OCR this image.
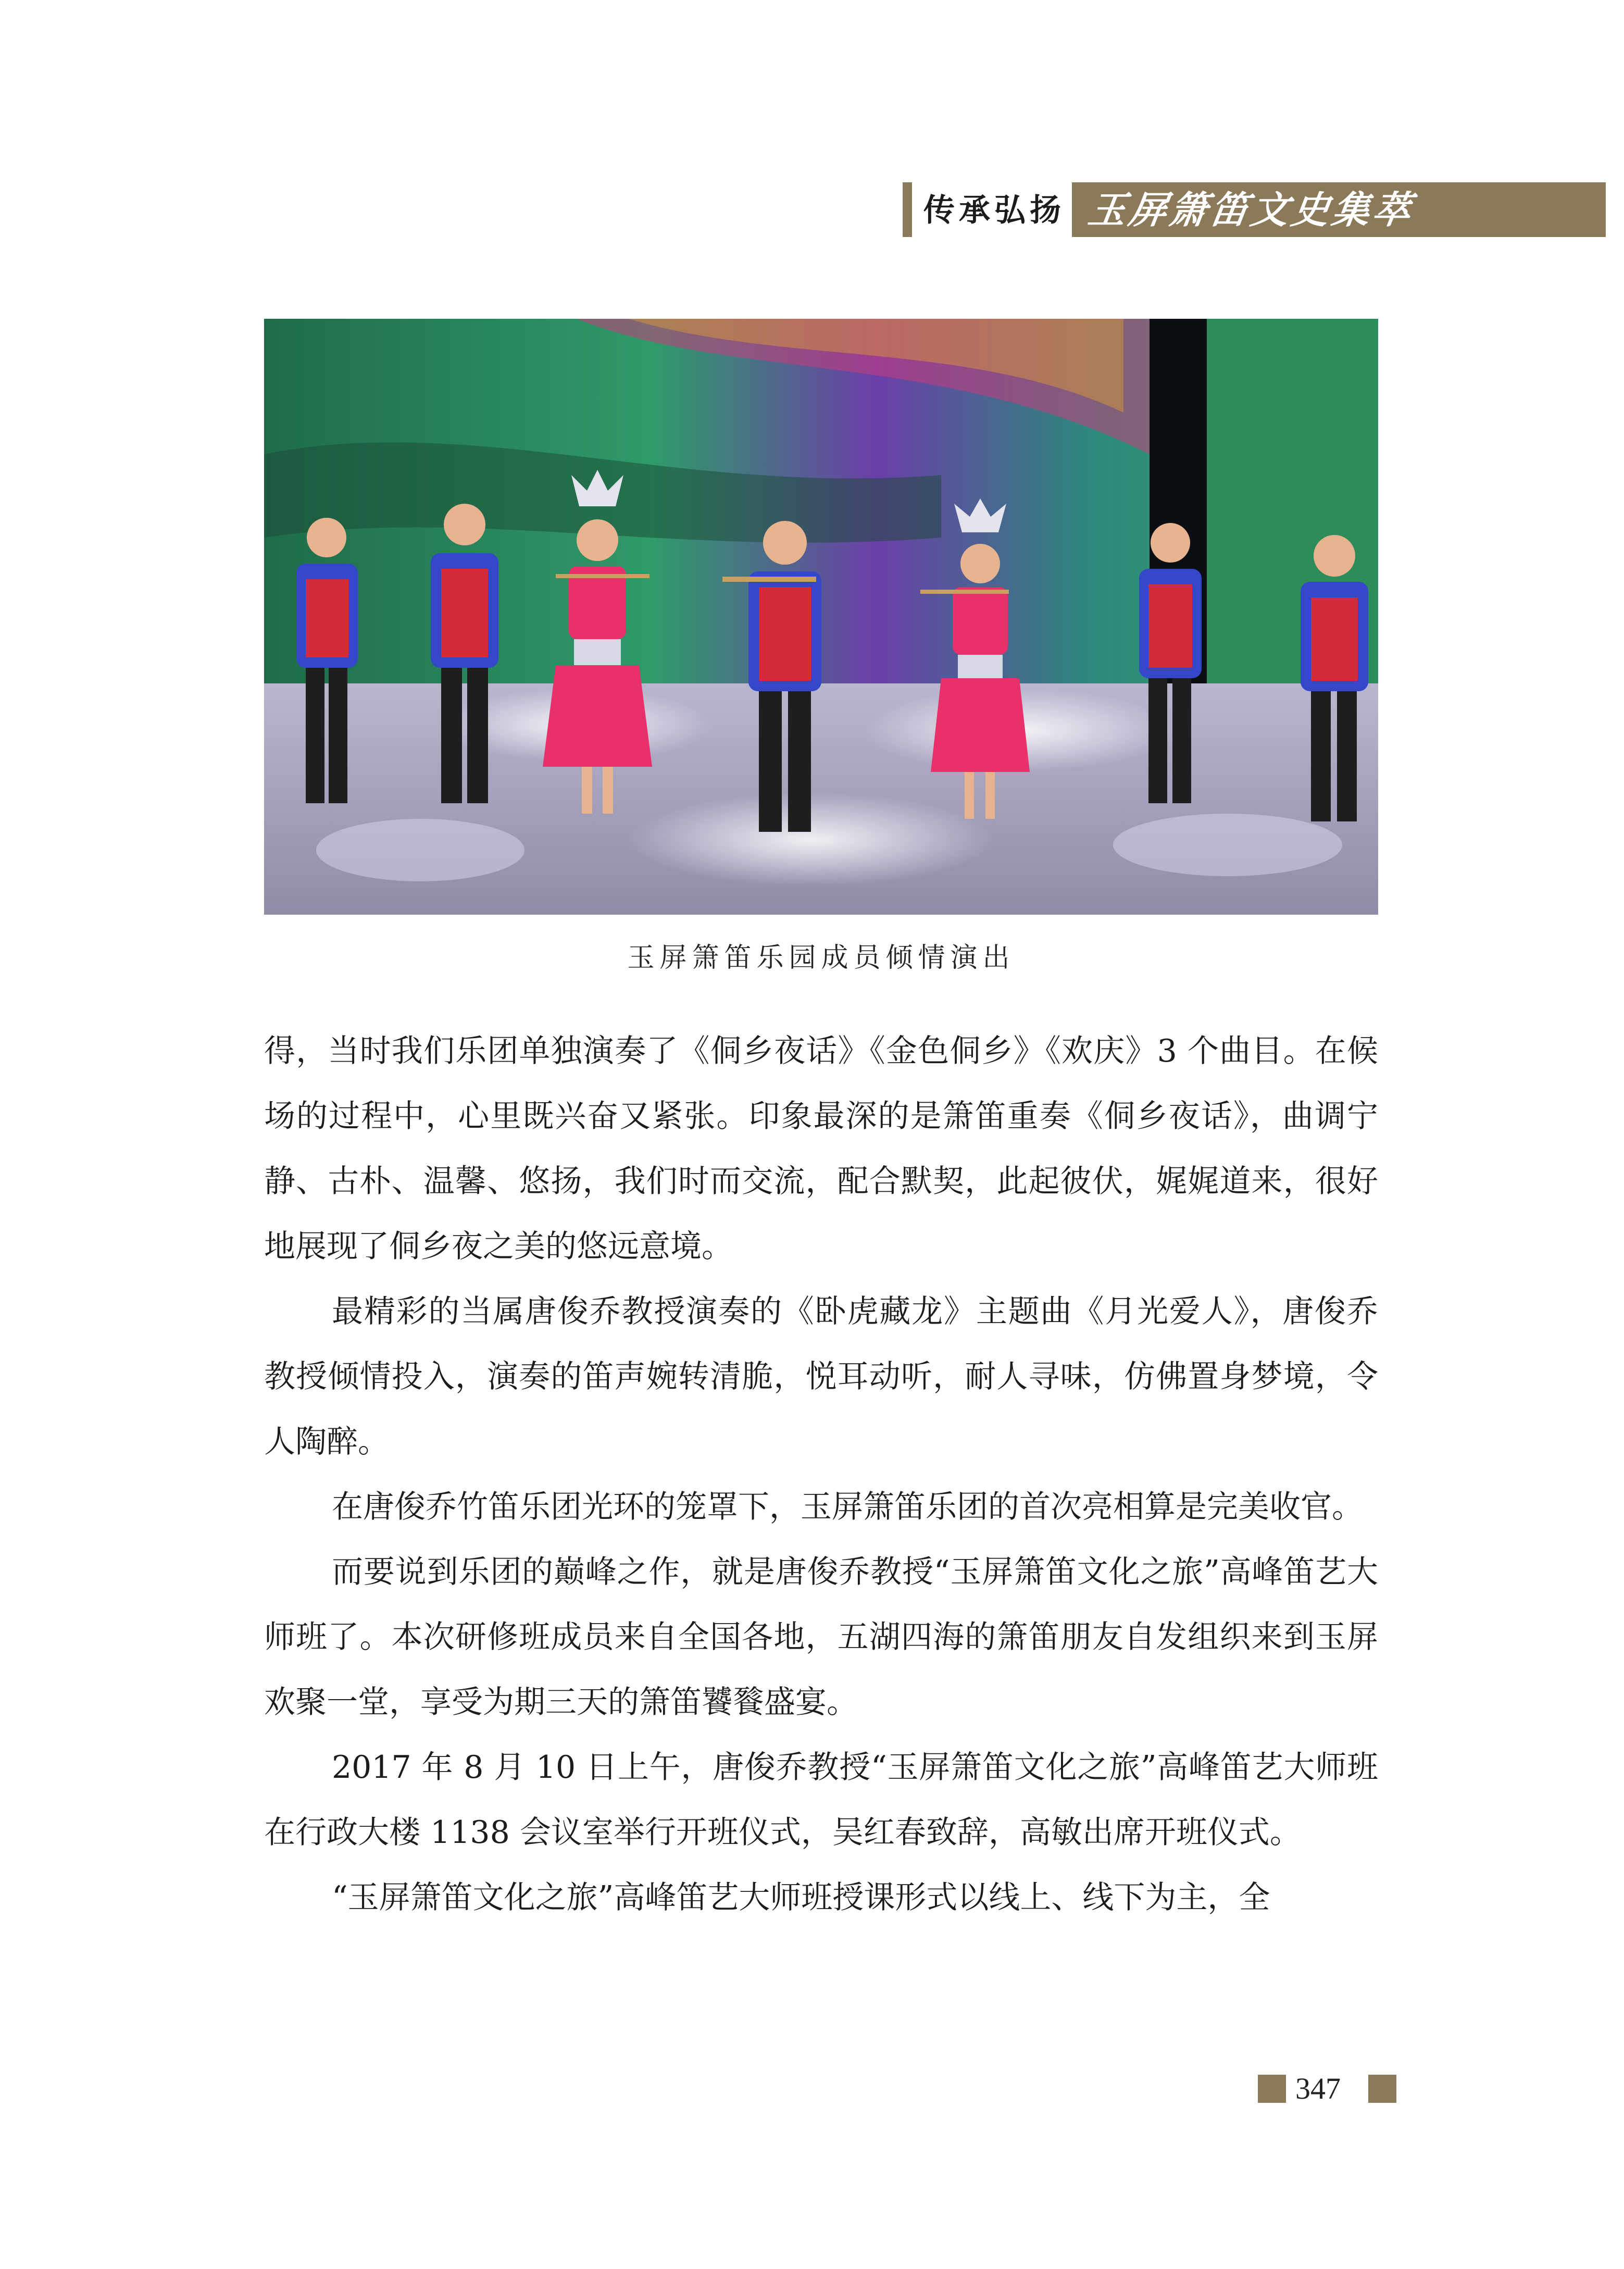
传承弘扬 玉屏箫笛文史集萃
玉屏箫笛乐园成员倾情演出

得，当时我们乐团单独演奏了《侗乡夜话》《金色侗乡》《欢庆》3 个曲目。在候场的过程中，心里既兴奋又紧张。印象最深的是箫笛重奏《侗乡夜话》，曲调宁静、古朴、温馨、悠扬，我们时而交流，配合默契，此起彼伏，娓娓道来，很好地展现了侗乡夜之美的悠远意境。

最精彩的当属唐俊乔教授演奏的《卧虎藏龙》主题曲《月光爱人》，唐俊乔教授倾情投入，演奏的笛声婉转清脆，悦耳动听，耐人寻味，仿佛置身梦境，令人陶醉。

在唐俊乔竹笛乐团光环的笼罩下，玉屏箫笛乐团的首次亮相算是完美收官。

而要说到乐团的巅峰之作，就是唐俊乔教授“玉屏箫笛文化之旅”高峰笛艺大师班了。本次研修班成员来自全国各地，五湖四海的箫笛朋友自发组织来到玉屏欢聚一堂，享受为期三天的箫笛饕餮盛宴。

2017 年 8 月 10 日上午，唐俊乔教授“玉屏箫笛文化之旅”高峰笛艺大师班在行政大楼 1138 会议室举行开班仪式，吴红春致辞，高敏出席开班仪式。

“玉屏箫笛文化之旅”高峰笛艺大师班授课形式以线上、线下为主，全

347
